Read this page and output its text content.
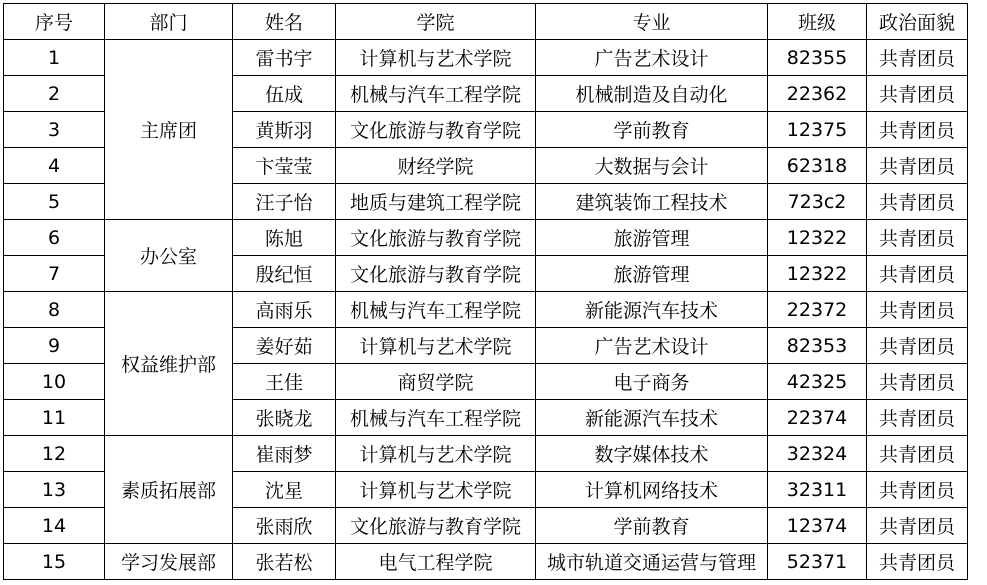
序号	部门	姓名	学院	专业	班级	政治面貌
1	主席团	雷书宇	计算机与艺术学院	广告艺术设计	82355	共青团员
2		伍成	机械与汽车工程学院	机械制造及自动化	22362	共青团员
3		黄斯羽	文化旅游与教育学院	学前教育	12375	共青团员
4		卞莹莹	财经学院	大数据与会计	62318	共青团员
5		汪子怡	地质与建筑工程学院	建筑装饰工程技术	723c2	共青团员
6	办公室	陈旭	文化旅游与教育学院	旅游管理	12322	共青团员
7		殷纪恒	文化旅游与教育学院	旅游管理	12322	共青团员
8	权益维护部	高雨乐	机械与汽车工程学院	新能源汽车技术	22372	共青团员
9		姜好茹	计算机与艺术学院	广告艺术设计	82353	共青团员
10		王佳	商贸学院	电子商务	42325	共青团员
11		张晓龙	机械与汽车工程学院	新能源汽车技术	22374	共青团员
12	素质拓展部	崔雨梦	计算机与艺术学院	数字媒体技术	32324	共青团员
13		沈星	计算机与艺术学院	计算机网络技术	32311	共青团员
14		张雨欣	文化旅游与教育学院	学前教育	12374	共青团员
15	学习发展部	张若松	电气工程学院	城市轨道交通运营与管理	52371	共青团员
